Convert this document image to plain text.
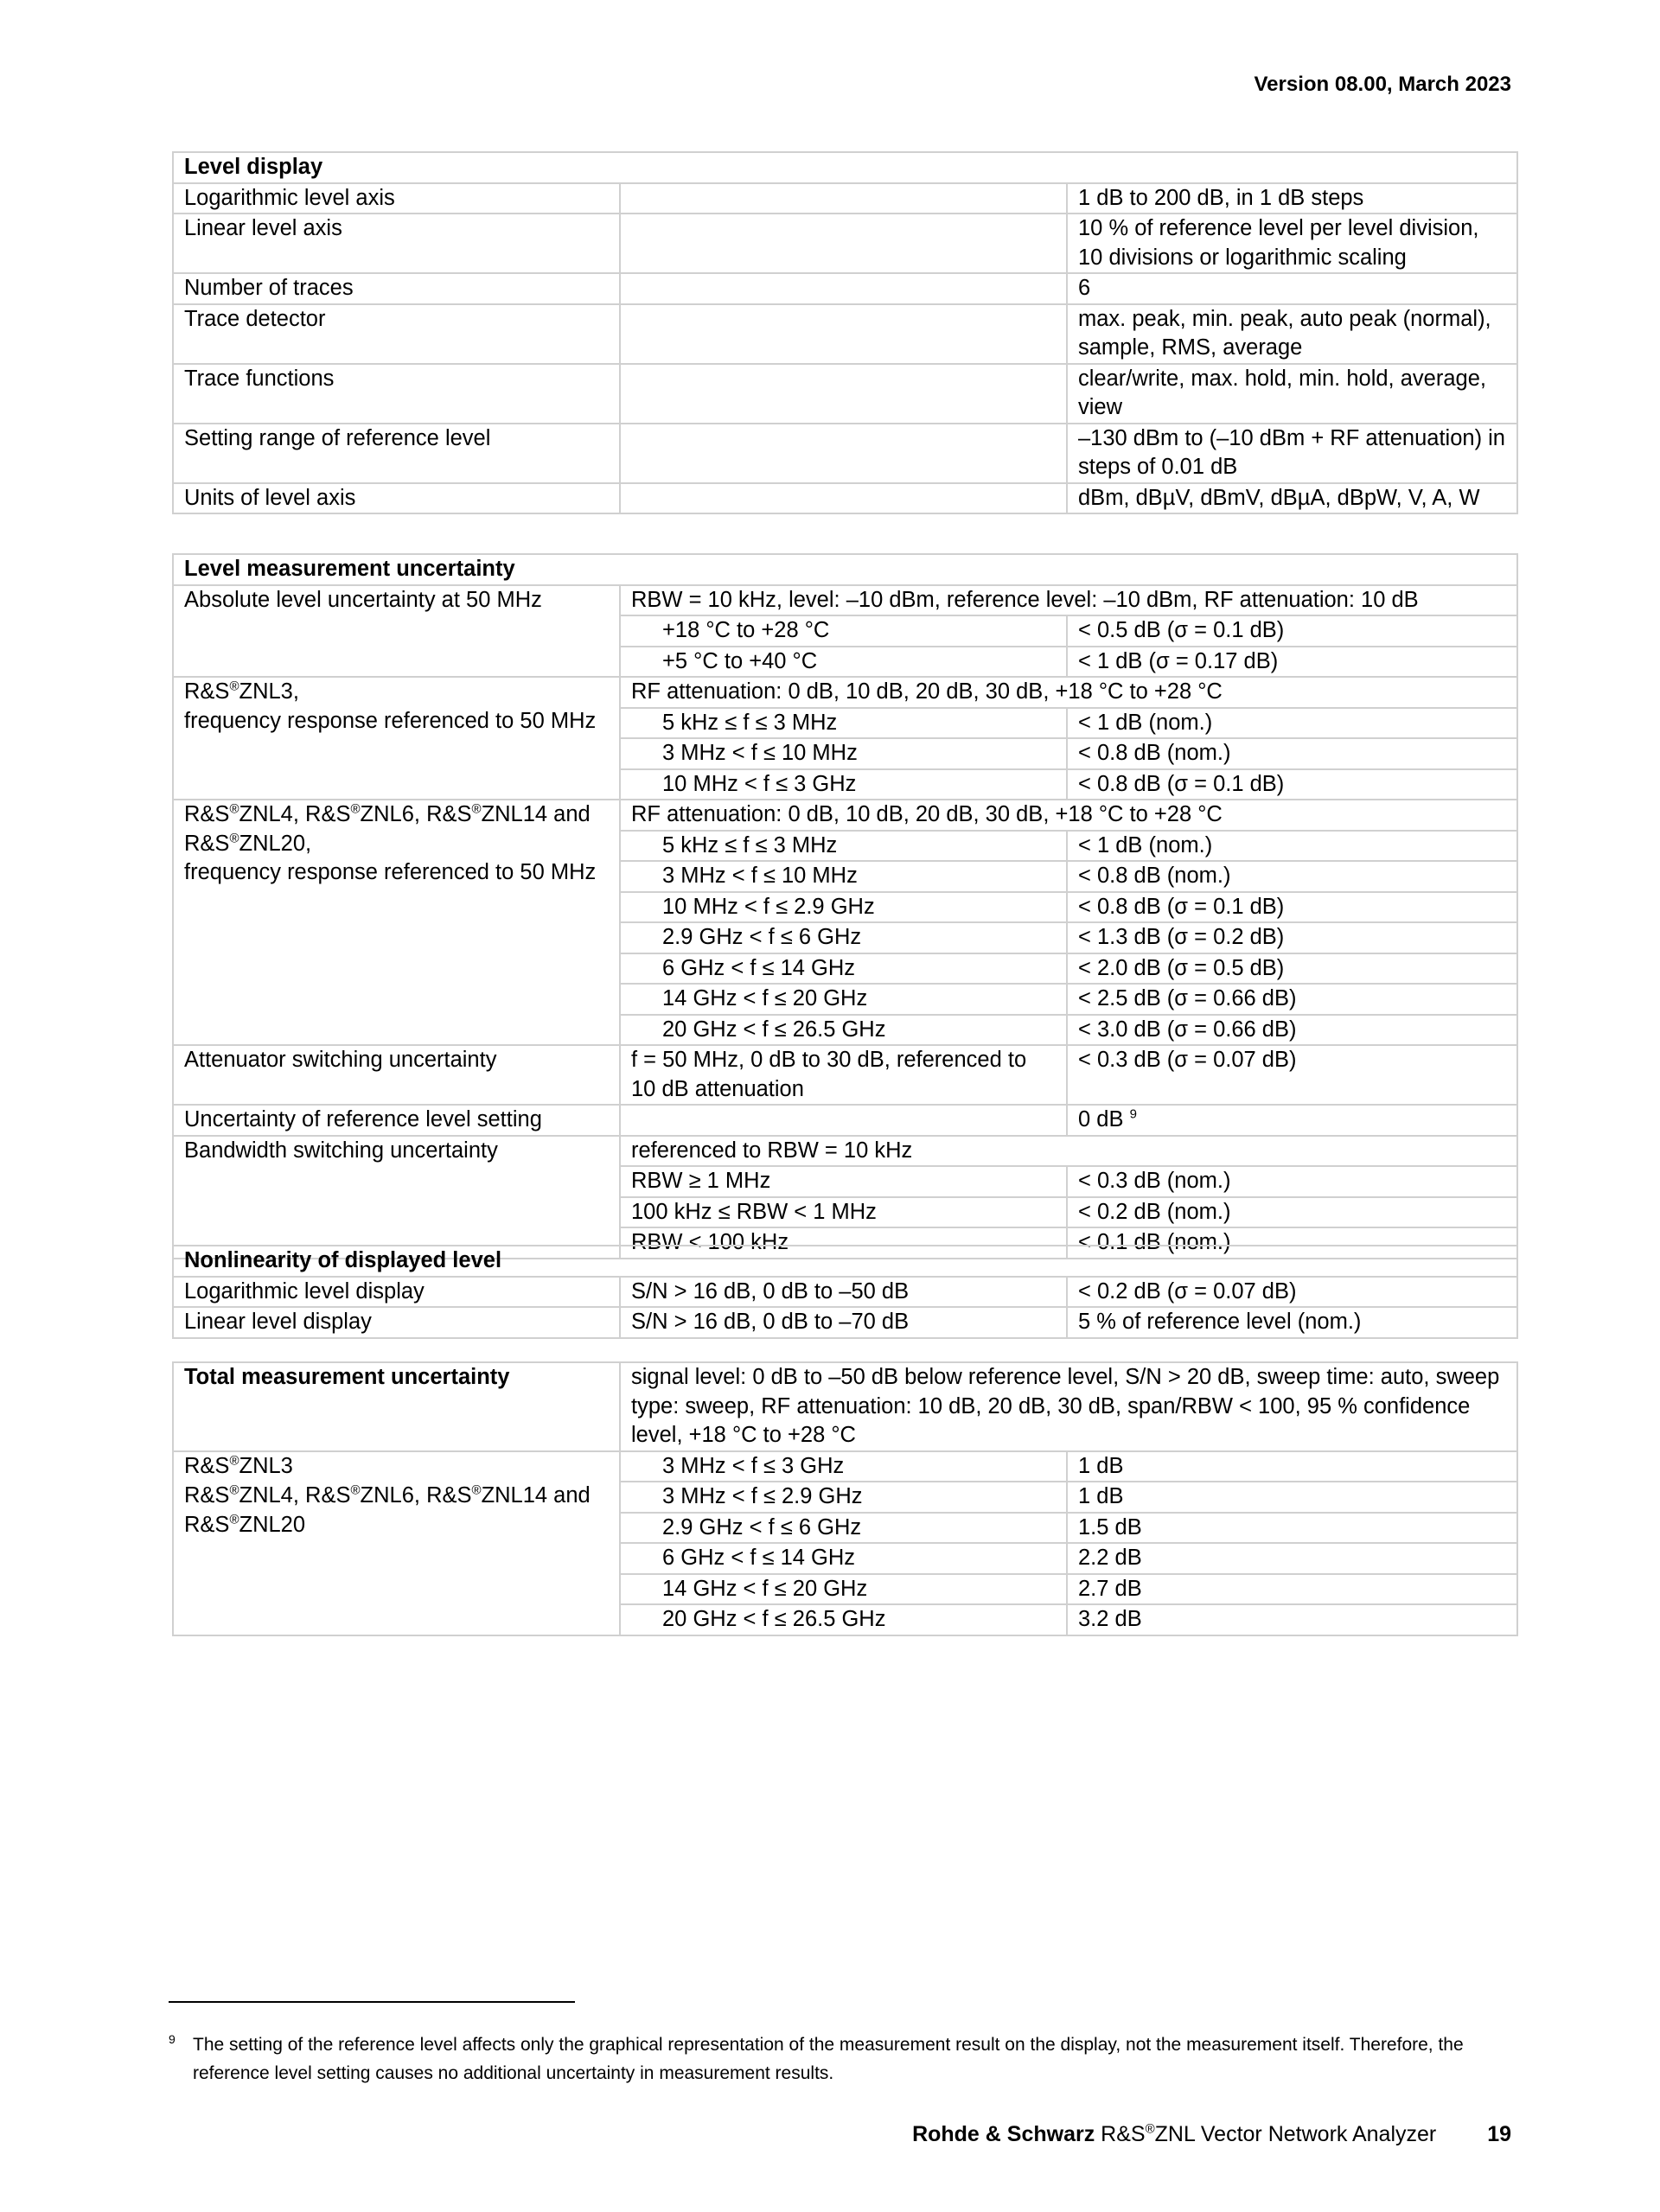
Version 08.00, March 2023
Level display		
Logarithmic level axis		1 dB to 200 dB, in 1 dB steps
Linear level axis		10 % of reference level per level division, 10 divisions or logarithmic scaling
Number of traces		6
Trace detector		max. peak, min. peak, auto peak (normal), sample, RMS, average
Trace functions		clear/write, max. hold, min. hold, average, view
Setting range of reference level		–130 dBm to (–10 dBm + RF attenuation) in steps of 0.01 dB
Units of level axis		dBm, dBµV, dBmV, dBµA, dBpW, V, A, W
Level measurement uncertainty		
Absolute level uncertainty at 50 MHz	RBW = 10 kHz, level: –10 dBm, reference level: –10 dBm, RF attenuation: 10 dB	
	+18 °C to +28 °C	< 0.5 dB (σ = 0.1 dB)
	+5 °C to +40 °C	< 1 dB (σ = 0.17 dB)
R&S®ZNL3,
frequency response referenced to 50 MHz	RF attenuation: 0 dB, 10 dB, 20 dB, 30 dB, +18 °C to +28 °C	
	5 kHz ≤ f ≤ 3 MHz	< 1 dB (nom.)
	3 MHz < f ≤ 10 MHz	< 0.8 dB (nom.)
	10 MHz < f ≤ 3 GHz	< 0.8 dB (σ = 0.1 dB)
R&S®ZNL4, R&S®ZNL6, R&S®ZNL14 and
R&S®ZNL20,
frequency response referenced to 50 MHz	RF attenuation: 0 dB, 10 dB, 20 dB, 30 dB, +18 °C to +28 °C	
	5 kHz ≤ f ≤ 3 MHz	< 1 dB (nom.)
	3 MHz < f ≤ 10 MHz	< 0.8 dB (nom.)
	10 MHz < f ≤ 2.9 GHz	< 0.8 dB (σ = 0.1 dB)
	2.9 GHz < f ≤ 6 GHz	< 1.3 dB (σ = 0.2 dB)
	6 GHz < f ≤ 14 GHz	< 2.0 dB (σ = 0.5 dB)
	14 GHz < f ≤ 20 GHz	< 2.5 dB (σ = 0.66 dB)
	20 GHz < f ≤ 26.5 GHz	< 3.0 dB (σ = 0.66 dB)
Attenuator switching uncertainty	f = 50 MHz, 0 dB to 30 dB, referenced to 10 dB attenuation	< 0.3 dB (σ = 0.07 dB)
Uncertainty of reference level setting		0 dB $^9$
Bandwidth switching uncertainty	referenced to RBW = 10 kHz	
	RBW ≥ 1 MHz	< 0.3 dB (nom.)
	100 kHz ≤ RBW < 1 MHz	< 0.2 dB (nom.)
	RBW < 100 kHz	< 0.1 dB (nom.)
Nonlinearity of displayed level		
Logarithmic level display	S/N > 16 dB, 0 dB to –50 dB	< 0.2 dB (σ = 0.07 dB)
Linear level display	S/N > 16 dB, 0 dB to –70 dB	5 % of reference level (nom.)
Total measurement uncertainty	signal level: 0 dB to –50 dB below reference level, S/N > 20 dB, sweep time: auto, sweep type: sweep, RF attenuation: 10 dB, 20 dB, 30 dB, span/RBW < 100, 95 % confidence level, +18 °C to +28 °C	
R&S®ZNL3	3 MHz < f ≤ 3 GHz	1 dB
R&S®ZNL4, R&S®ZNL6, R&S®ZNL14 and
R&S®ZNL20	3 MHz < f ≤ 2.9 GHz	1 dB
	2.9 GHz < f ≤ 6 GHz	1.5 dB
	6 GHz < f ≤ 14 GHz	2.2 dB
	14 GHz < f ≤ 20 GHz	2.7 dB
	20 GHz < f ≤ 26.5 GHz	3.2 dB
9 The setting of the reference level affects only the graphical representation of the measurement result on the display, not the measurement itself. Therefore, the reference level setting causes no additional uncertainty in measurement results.
Rohde & Schwarz R&S®ZNL Vector Network Analyzer 19
